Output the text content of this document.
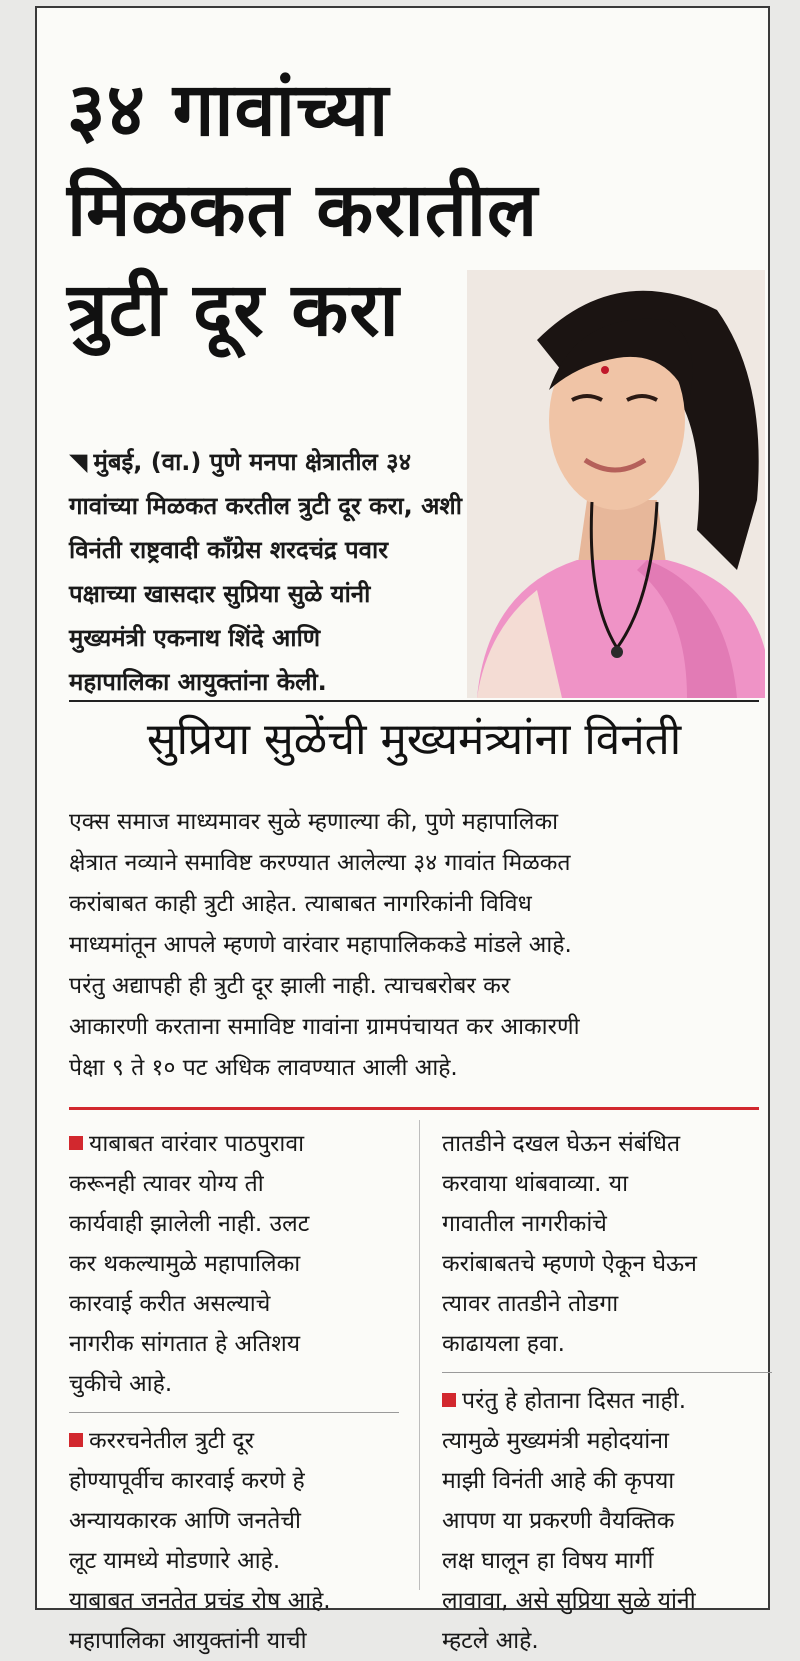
३४ गावांच्या
मिळकत करातील
त्रुटी दूर करा
◥ मुंबई, (वा.) पुणे मनपा क्षेत्रातील ३४
गावांच्या मिळकत करतील त्रुटी दूर करा, अशी
विनंती राष्ट्रवादी काँग्रेस शरदचंद्र पवार
पक्षाच्या खासदार सुप्रिया सुळे यांनी
मुख्यमंत्री एकनाथ शिंदे आणि
महापालिका आयुक्तांना केली.
सुप्रिया सुळेंची मुख्यमंत्र्यांना विनंती
एक्स समाज माध्यमावर सुळे म्हणाल्या की, पुणे महापालिका
क्षेत्रात नव्याने समाविष्ट करण्यात आलेल्या ३४ गावांत मिळकत
करांबाबत काही त्रुटी आहेत. त्याबाबत नागरिकांनी विविध
माध्यमांतून आपले म्हणणे वारंवार महापालिककडे मांडले आहे.
परंतु अद्यापही ही त्रुटी दूर झाली नाही. त्याचबरोबर कर
आकारणी करताना समाविष्ट गावांना ग्रामपंचायत कर आकारणी
पेक्षा ९ ते १० पट अधिक लावण्यात आली आहे.
याबाबत वारंवार पाठपुरावा
करूनही त्यावर योग्य ती
कार्यवाही झालेली नाही. उलट
कर थकल्यामुळे महापालिका
कारवाई करीत असल्याचे
नागरीक सांगतात हे अतिशय
चुकीचे आहे.
कररचनेतील त्रुटी दूर
होण्यापूर्वीच कारवाई करणे हे
अन्यायकारक आणि जनतेची
लूट यामध्ये मोडणारे आहे.
याबाबत जनतेत प्रचंड रोष आहे.
महापालिका आयुक्तांनी याची
तातडीने दखल घेऊन संबंधित
करवाया थांबवाव्या. या
गावातील नागरीकांचे
करांबाबतचे म्हणणे ऐकून घेऊन
त्यावर तातडीने तोडगा
काढायला हवा.
परंतु हे होताना दिसत नाही.
त्यामुळे मुख्यमंत्री महोदयांना
माझी विनंती आहे की कृपया
आपण या प्रकरणी वैयक्तिक
लक्ष घालून हा विषय मार्गी
लावावा, असे सुप्रिया सुळे यांनी
म्हटले आहे.
